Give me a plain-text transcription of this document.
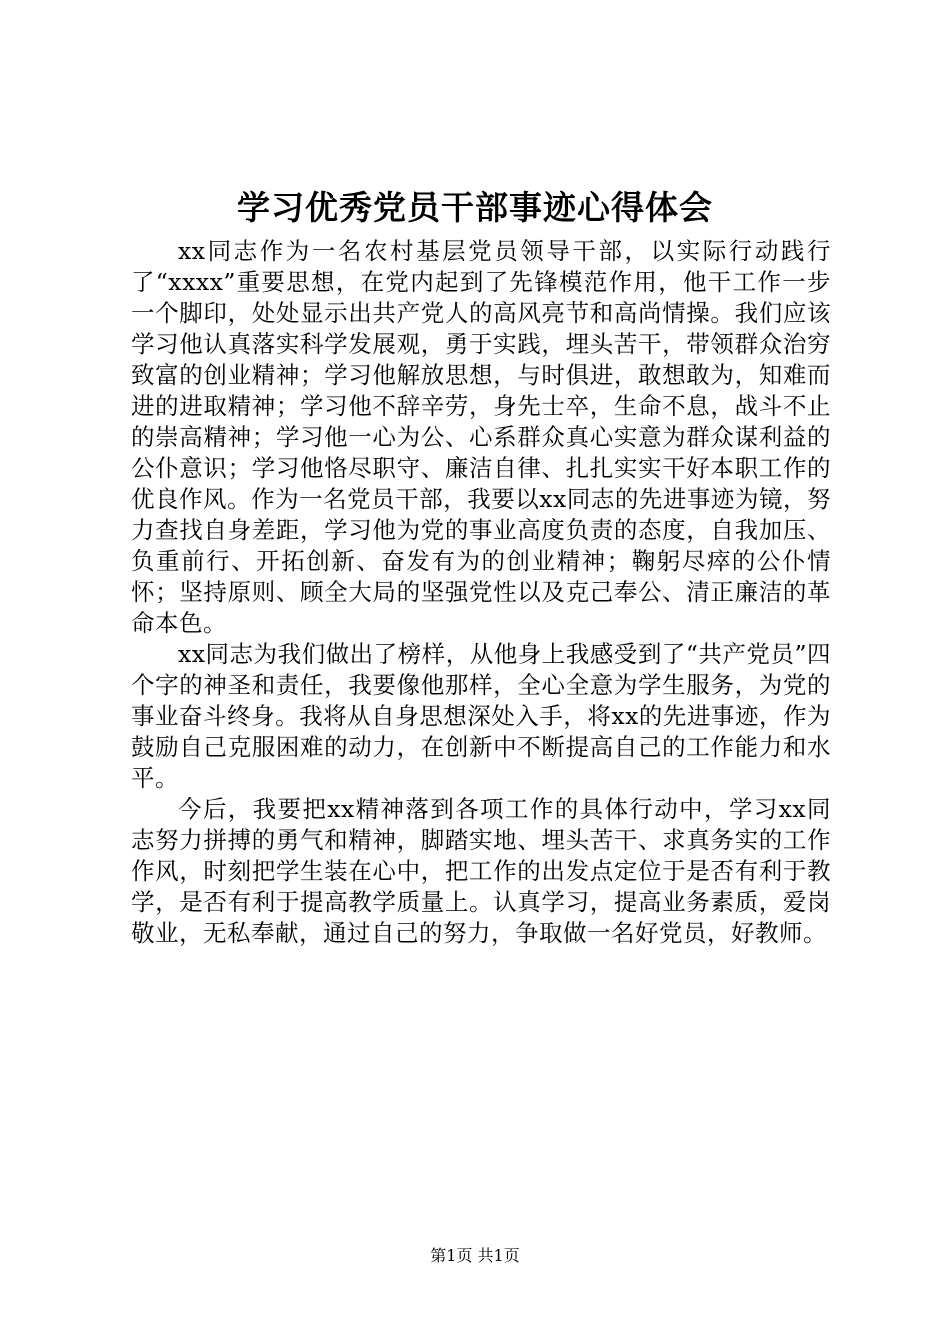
学习优秀党员干部事迹心得体会

xx同志作为一名农村基层党员领导干部，以实际行动践行了“xxxx”重要思想，在党内起到了先锋模范作用，他干工作一步一个脚印，处处显示出共产党人的高风亮节和高尚情操。我们应该学习他认真落实科学发展观，勇于实践，埋头苦干，带领群众治穷致富的创业精神；学习他解放思想，与时俱进，敢想敢为，知难而进的进取精神；学习他不辞辛劳，身先士卒，生命不息，战斗不止的崇高精神；学习他一心为公、心系群众真心实意为群众谋利益的公仆意识；学习他恪尽职守、廉洁自律、扎扎实实干好本职工作的优良作风。作为一名党员干部，我要以xx同志的先进事迹为镜，努力查找自身差距，学习他为党的事业高度负责的态度，自我加压、负重前行、开拓创新、奋发有为的创业精神；鞠躬尽瘁的公仆情怀；坚持原则、顾全大局的坚强党性以及克己奉公、清正廉洁的革命本色。

xx同志为我们做出了榜样，从他身上我感受到了“共产党员”四个字的神圣和责任，我要像他那样，全心全意为学生服务，为党的事业奋斗终身。我将从自身思想深处入手，将xx的先进事迹，作为鼓励自己克服困难的动力，在创新中不断提高自己的工作能力和水平。

今后，我要把xx精神落到各项工作的具体行动中，学习xx同志努力拼搏的勇气和精神，脚踏实地、埋头苦干、求真务实的工作作风，时刻把学生装在心中，把工作的出发点定位于是否有利于教学，是否有利于提高教学质量上。认真学习，提高业务素质，爱岗敬业，无私奉献，通过自己的努力，争取做一名好党员，好教师。

第1页 共1页
